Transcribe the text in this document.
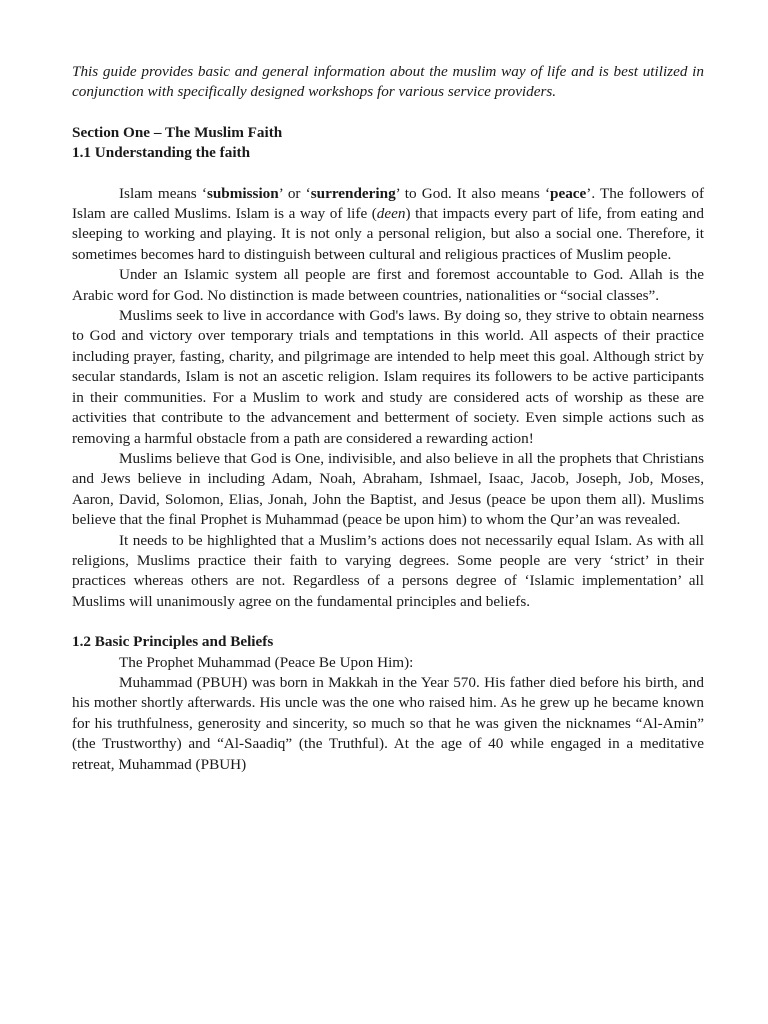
This guide provides basic and general information about the muslim way of life and is best utilized in conjunction with specifically designed workshops for various service providers.

Section One – The Muslim Faith

1.1 Understanding the faith

Islam means ‘submission’ or ‘surrendering’ to God. It also means ‘peace’. The followers of Islam are called Muslims. Islam is a way of life (deen) that impacts every part of life, from eating and sleeping to working and playing. It is not only a personal religion, but also a social one. Therefore, it sometimes becomes hard to distinguish between cultural and religious practices of Muslim people.

Under an Islamic system all people are first and foremost accountable to God. Allah is the Arabic word for God. No distinction is made between countries, nationalities or “social classes”.

Muslims seek to live in accordance with God's laws. By doing so, they strive to obtain nearness to God and victory over temporary trials and temptations in this world. All aspects of their practice including prayer, fasting, charity, and pilgrimage are intended to help meet this goal. Although strict by secular standards, Islam is not an ascetic religion. Islam requires its followers to be active participants in their communities. For a Muslim to work and study are considered acts of worship as these are activities that contribute to the advancement and betterment of society. Even simple actions such as removing a harmful obstacle from a path are considered a rewarding action!

Muslims believe that God is One, indivisible, and also believe in all the prophets that Christians and Jews believe in including Adam, Noah, Abraham, Ishmael, Isaac, Jacob, Joseph, Job, Moses, Aaron, David, Solomon, Elias, Jonah, John the Baptist, and Jesus (peace be upon them all). Muslims believe that the final Prophet is Muhammad (peace be upon him) to whom the Qur’an was revealed.

It needs to be highlighted that a Muslim’s actions does not necessarily equal Islam. As with all religions, Muslims practice their faith to varying degrees. Some people are very ‘strict’ in their practices whereas others are not. Regardless of a persons degree of ‘Islamic implementation’ all Muslims will unanimously agree on the fundamental principles and beliefs.

1.2 Basic Principles and Beliefs

The Prophet Muhammad (Peace Be Upon Him):

Muhammad (PBUH) was born in Makkah in the Year 570. His father died before his birth, and his mother shortly afterwards. His uncle was the one who raised him. As he grew up he became known for his truthfulness, generosity and sincerity, so much so that he was given the nicknames “Al-Amin” (the Trustworthy) and “Al-Saadiq” (the Truthful). At the age of 40 while engaged in a meditative retreat, Muhammad (PBUH)
